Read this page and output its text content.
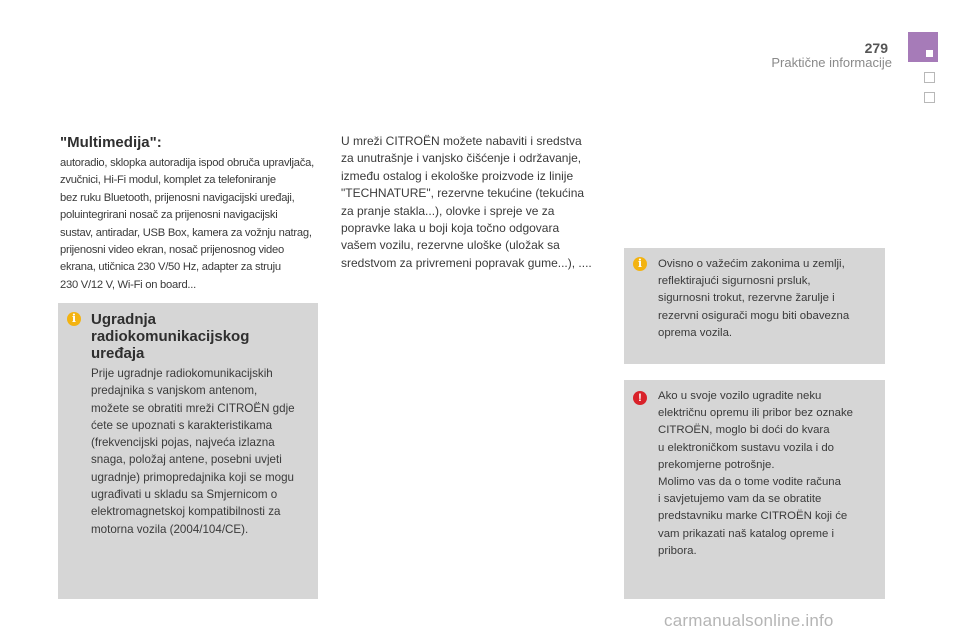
279
Praktične informacije
"Multimedija":
autoradio, sklopka autoradija ispod obruča upravljača,
zvučnici, Hi-Fi modul, komplet za telefoniranje
bez ruku Bluetooth, prijenosni navigacijski uređaji,
poluintegrirani nosač za prijenosni navigacijski
sustav, antiradar, USB Box, kamera za vožnju natrag,
prijenosni video ekran, nosač prijenosnog video
ekrana, utičnica 230 V/50 Hz, adapter za struju
230 V/12 V, Wi-Fi on board...
U mreži CITROËN možete nabaviti i sredstva
za unutrašnje i vanjsko čišćenje i održavanje,
između ostalog i ekološke proizvode iz linije
"TECHNATURE", rezervne tekućine (tekućina
za pranje stakla...), olovke i spreje ve za
popravke laka u boji koja točno odgovara
vašem vozilu, rezervne uloške (uložak sa
sredstvom za privremeni popravak gume...), ....
i Ugradnja
radiokomunikacijskog
uređaja
Prije ugradnje radiokomunikacijskih
predajnika s vanjskom antenom,
možete se obratiti mreži CITROËN gdje
ćete se upoznati s karakteristikama
(frekvencijski pojas, najveća izlazna
snaga, položaj antene, posebni uvjeti
ugradnje) primopredajnika koji se mogu
ugrađivati u skladu sa Smjernicom o
elektromagnetskoj kompatibilnosti za
motorna vozila (2004/104/CE).
i	Ovisno o važećim zakonima u zemlji,
reflektirajući sigurnosni prsluk,
sigurnosni trokut, rezervne žarulje i
rezervni osigurači mogu biti obavezna
oprema vozila.
!	Ako u svoje vozilo ugradite neku
električnu opremu ili pribor bez oznake
CITROËN, moglo bi doći do kvara
u elektroničkom sustavu vozila i do
prekomjerne potrošnje.
Molimo vas da o tome vodite računa
i savjetujemo vam da se obratite
predstavniku marke CITROËN koji će
vam prikazati naš katalog opreme i
pribora.
carmanualsonline.info
